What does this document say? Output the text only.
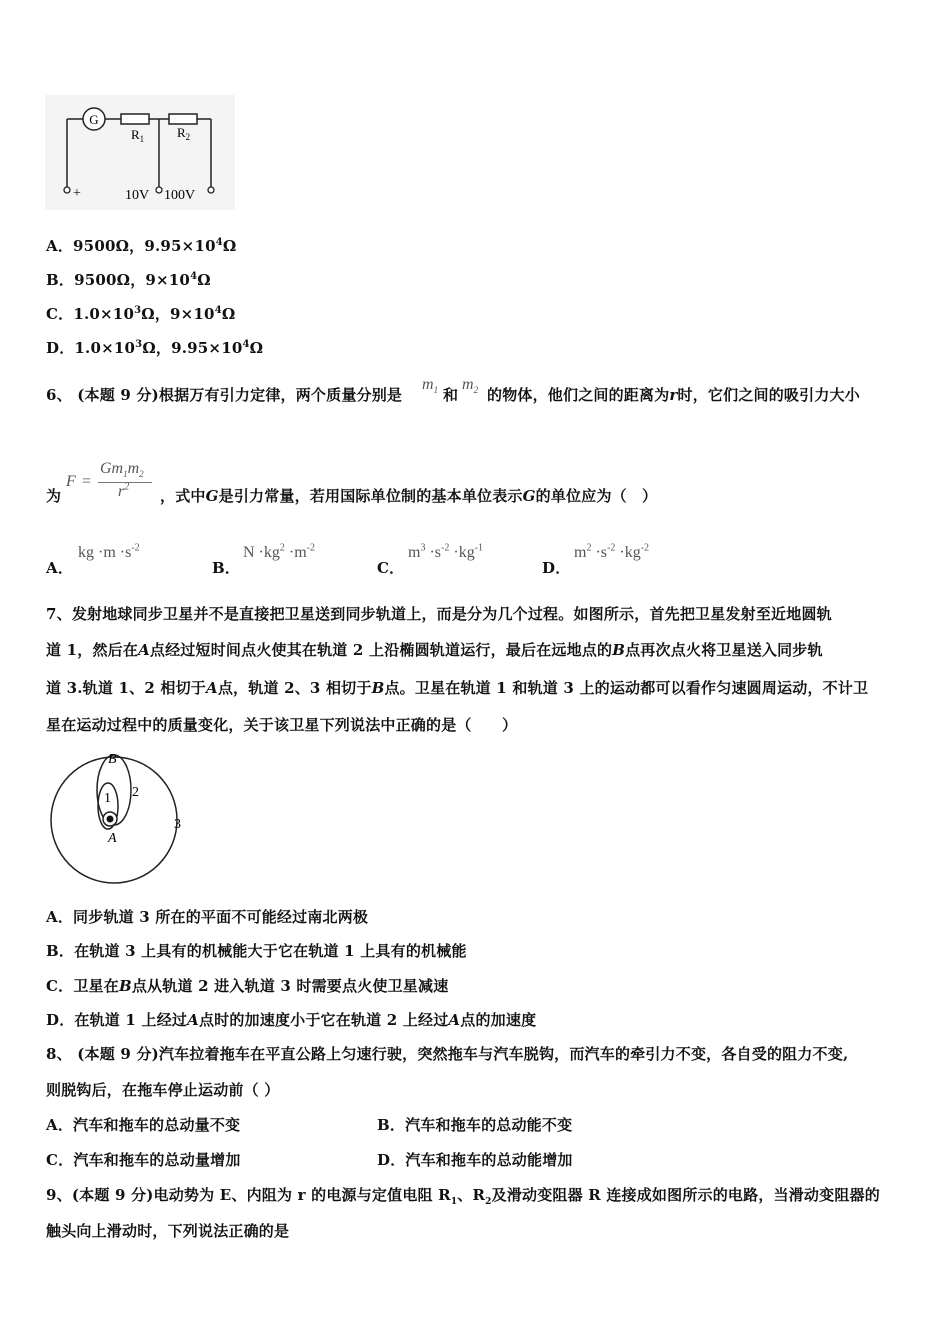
G
$R_1$	$R_2$
+	10V 100V
A．9500Ω，$9.95\times 10^4\Omega$
B．9500Ω，$9\times 10^4\Omega$
C．$1.0\times 10^3\Omega$，$9\times 10^4\Omega$
D．$1.0\times 10^3\Omega$，$9.95\times 10^4\Omega$
6、 (本题 9 分)根据万有引力定律，两个质量分别是
$m_1$ 和
$m_2$ 的物体，他们之间的距离为r时，它们之间的吸引力大小
为
F =
$Gm_1m_2$
$r^2$ ，式中G是引力常量，若用国际单位制的基本单位表示G的单位应为（　）
A．
kg $\cdot m \cdot s^{-2}$
B．
$N \cdot kg^2 \cdot m^{-2}$
C．
$m^3 \cdot s^{-2} \cdot kg^{-1}$
D．
$m^2 \cdot s^{-2} \cdot kg^{-2}$
7、发射地球同步卫星并不是直接把卫星送到同步轨道上，而是分为几个过程。如图所示，首先把卫星发射至近地圆轨
道 1，然后在A点经过短时间点火使其在轨道 2 上沿椭圆轨道运行，最后在远地点的B点再次点火将卫星送入同步轨
道 3.轨道 1、2 相切于A点，轨道 2、3 相切于B点。卫星在轨道 1 和轨道 3 上的运动都可以看作匀速圆周运动，不计卫
星在运动过程中的质量变化，关于该卫星下列说法中正确的是（　　）
B
A
1 2
3
A．同步轨道 3 所在的平面不可能经过南北两极
B．在轨道 3 上具有的机械能大于它在轨道 1 上具有的机械能
C．卫星在B点从轨道 2 进入轨道 3 时需要点火使卫星减速
D．在轨道 1 上经过A点时的加速度小于它在轨道 2 上经过A点的加速度
8、 (本题 9 分)汽车拉着拖车在平直公路上匀速行驶，突然拖车与汽车脱钩，而汽车的牵引力不变，各自受的阻力不变,
则脱钩后，在拖车停止运动前（ ）
A．汽车和拖车的总动量不变	B．汽车和拖车的总动能不变
C．汽车和拖车的总动量增加	D．汽车和拖车的总动能增加
9、(本题 9 分)电动势为 E、内阻为 r 的电源与定值电阻 $R_1$、$R_2$及滑动变阻器 R 连接成如图所示的电路，当滑动变阻器的
触头向上滑动时，下列说法正确的是
